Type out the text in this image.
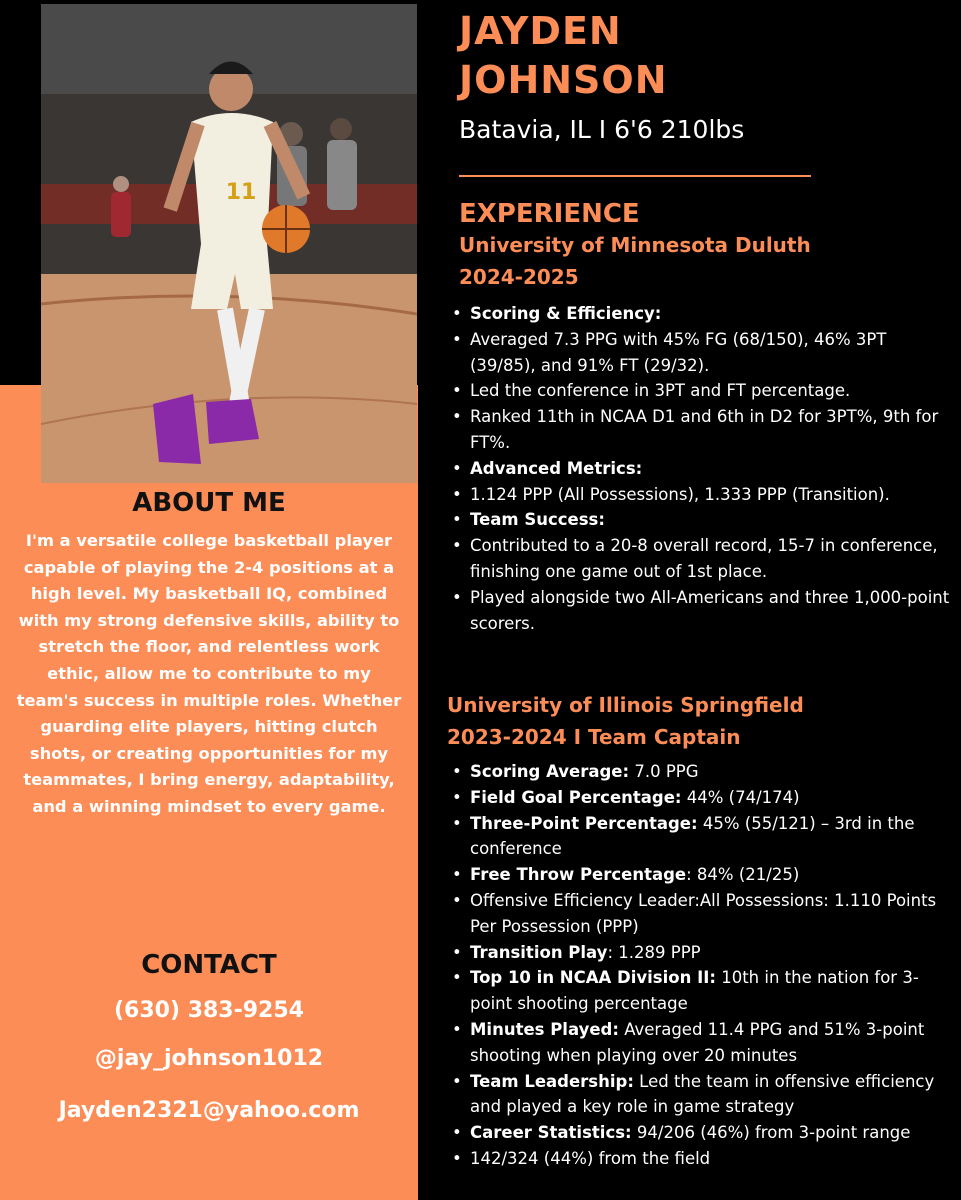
11
JAYDEN
JOHNSON

Batavia, IL I 6'6 210lbs

EXPERIENCE

University of Minnesota Duluth

2024-2025

• Scoring & Efficiency:
• Averaged 7.3 PPG with 45% FG (68/150), 46% 3PT (39/85), and 91% FT (29/32).
• Led the conference in 3PT and FT percentage.
• Ranked 11th in NCAA D1 and 6th in D2 for 3PT%, 9th for FT%.
• Advanced Metrics:
• 1.124 PPP (All Possessions), 1.333 PPP (Transition).
• Team Success:
• Contributed to a 20-8 overall record, 15-7 in conference, finishing one game out of 1st place.
• Played alongside two All-Americans and three 1,000-point scorers.

University of Illinois Springfield

2023-2024 I Team Captain

• Scoring Average: 7.0 PPG
• Field Goal Percentage: 44% (74/174)
• Three-Point Percentage: 45% (55/121) – 3rd in the conference
• Free Throw Percentage: 84% (21/25)
• Offensive Efficiency Leader:All Possessions: 1.110 Points Per Possession (PPP)
• Transition Play: 1.289 PPP
• Top 10 in NCAA Division II: 10th in the nation for 3-point shooting percentage
• Minutes Played: Averaged 11.4 PPG and 51% 3-point shooting when playing over 20 minutes
• Team Leadership: Led the team in offensive efficiency and played a key role in game strategy
• Career Statistics: 94/206 (46%) from 3-point range
• 142/324 (44%) from the field
ABOUT ME

I'm a versatile college basketball player capable of playing the 2-4 positions at a high level. My basketball IQ, combined with my strong defensive skills, ability to stretch the floor, and relentless work ethic, allow me to contribute to my team's success in multiple roles. Whether guarding elite players, hitting clutch shots, or creating opportunities for my teammates, I bring energy, adaptability, and a winning mindset to every game.

CONTACT

(630) 383-9254

@jay_johnson1012

Jayden2321@yahoo.com
